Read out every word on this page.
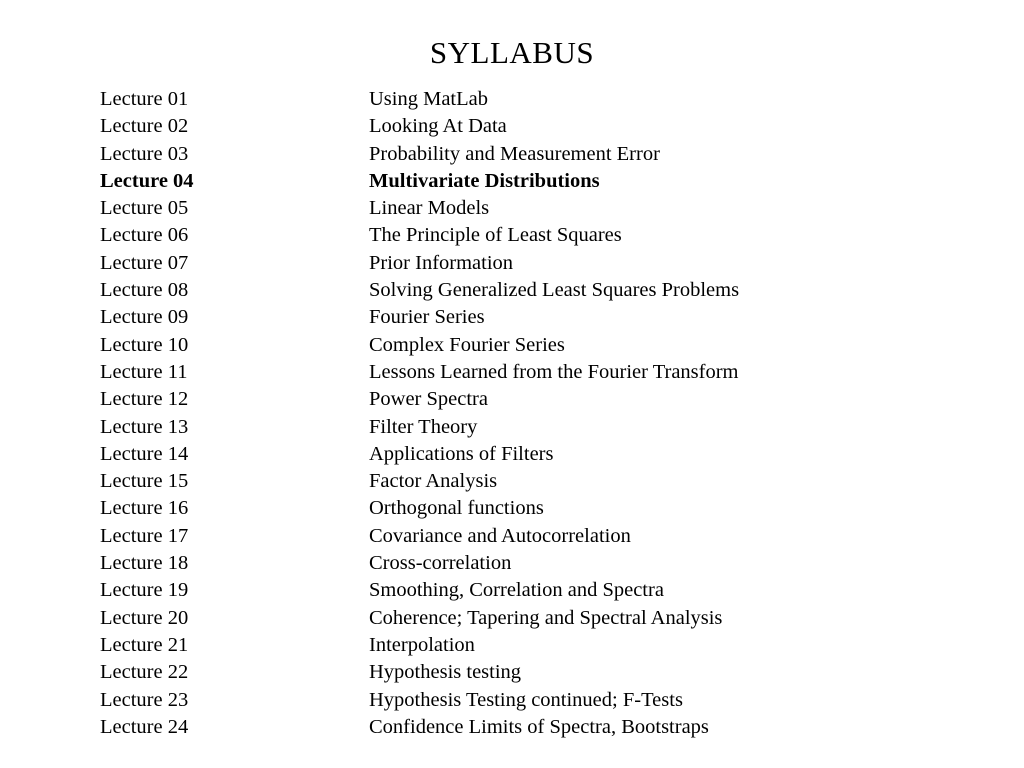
SYLLABUS
Lecture 01	Using MatLab
Lecture 02	Looking At Data
Lecture 03	Probability and Measurement Error
Lecture 04	Multivariate Distributions
Lecture 05	Linear Models
Lecture 06	The Principle of Least Squares
Lecture 07	Prior Information
Lecture 08	Solving Generalized Least Squares Problems
Lecture 09	Fourier Series
Lecture 10	Complex Fourier Series
Lecture 11	Lessons Learned from the Fourier Transform
Lecture 12	Power Spectra
Lecture 13	Filter Theory
Lecture 14	Applications of Filters
Lecture 15	Factor Analysis
Lecture 16	Orthogonal functions
Lecture 17	Covariance and Autocorrelation
Lecture 18	Cross-correlation
Lecture 19	Smoothing, Correlation and Spectra
Lecture 20	Coherence; Tapering and Spectral Analysis
Lecture 21	Interpolation
Lecture 22	Hypothesis testing
Lecture 23	Hypothesis Testing continued; F-Tests
Lecture 24	Confidence Limits of Spectra, Bootstraps
